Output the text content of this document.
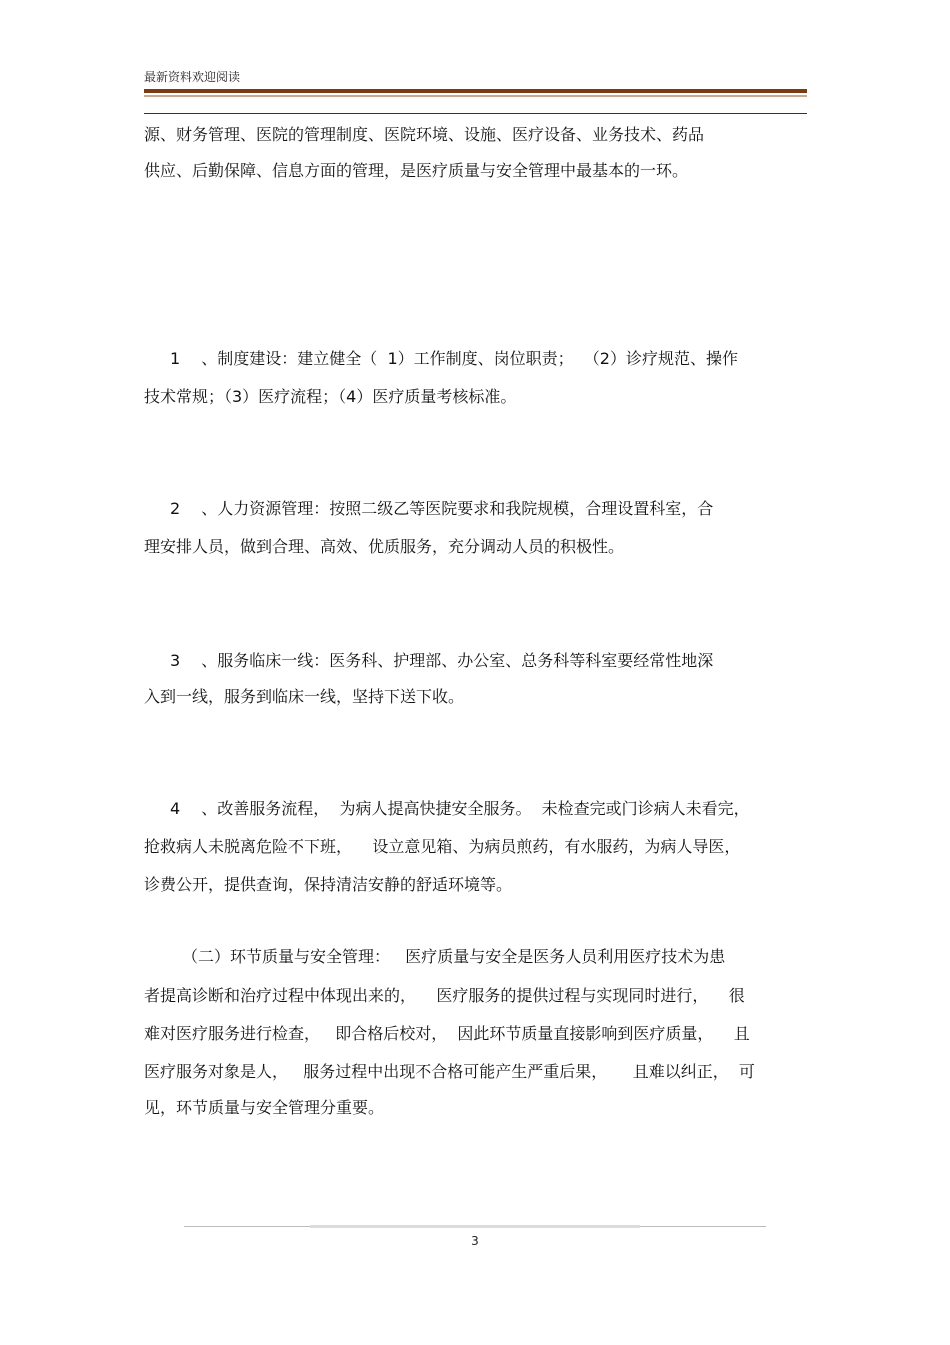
最新资料欢迎阅读
源、财务管理、医院的管理制度、医院环境、设施、医疗设备、业务技术、药品
供应、后勤保障、信息方面的管理，是医疗质量与安全管理中最基本的一环。
1　 、制度建设：建立健全（  1）工作制度、岗位职责；  （2）诊疗规范、操作
技术常规；（3）医疗流程；（4）医疗质量考核标准。
2　 、人力资源管理：按照二级乙等医院要求和我院规模，合理设置科室，合
理安排人员，做到合理、高效、优质服务，充分调动人员的积极性。
3　 、服务临床一线：医务科、护理部、办公室、总务科等科室要经常性地深
入到一线，服务到临床一线，坚持下送下收。
4　 、改善服务流程，  为病人提高快捷安全服务。  未检查完或门诊病人未看完，
抢救病人未脱离危险不下班，    设立意见箱、为病员煎药，有水服药，为病人导医，
诊费公开，提供查询，保持清洁安静的舒适环境等。
（二）环节质量与安全管理：   医疗质量与安全是医务人员利用医疗技术为患
者提高诊断和治疗过程中体现出来的，    医疗服务的提供过程与实现同时进行，    很
难对医疗服务进行检查，   即合格后校对，  因此环节质量直接影响到医疗质量，    且
医疗服务对象是人，   服务过程中出现不合格可能产生严重后果，     且难以纠正，  可
见，环节质量与安全管理分重要。
3
